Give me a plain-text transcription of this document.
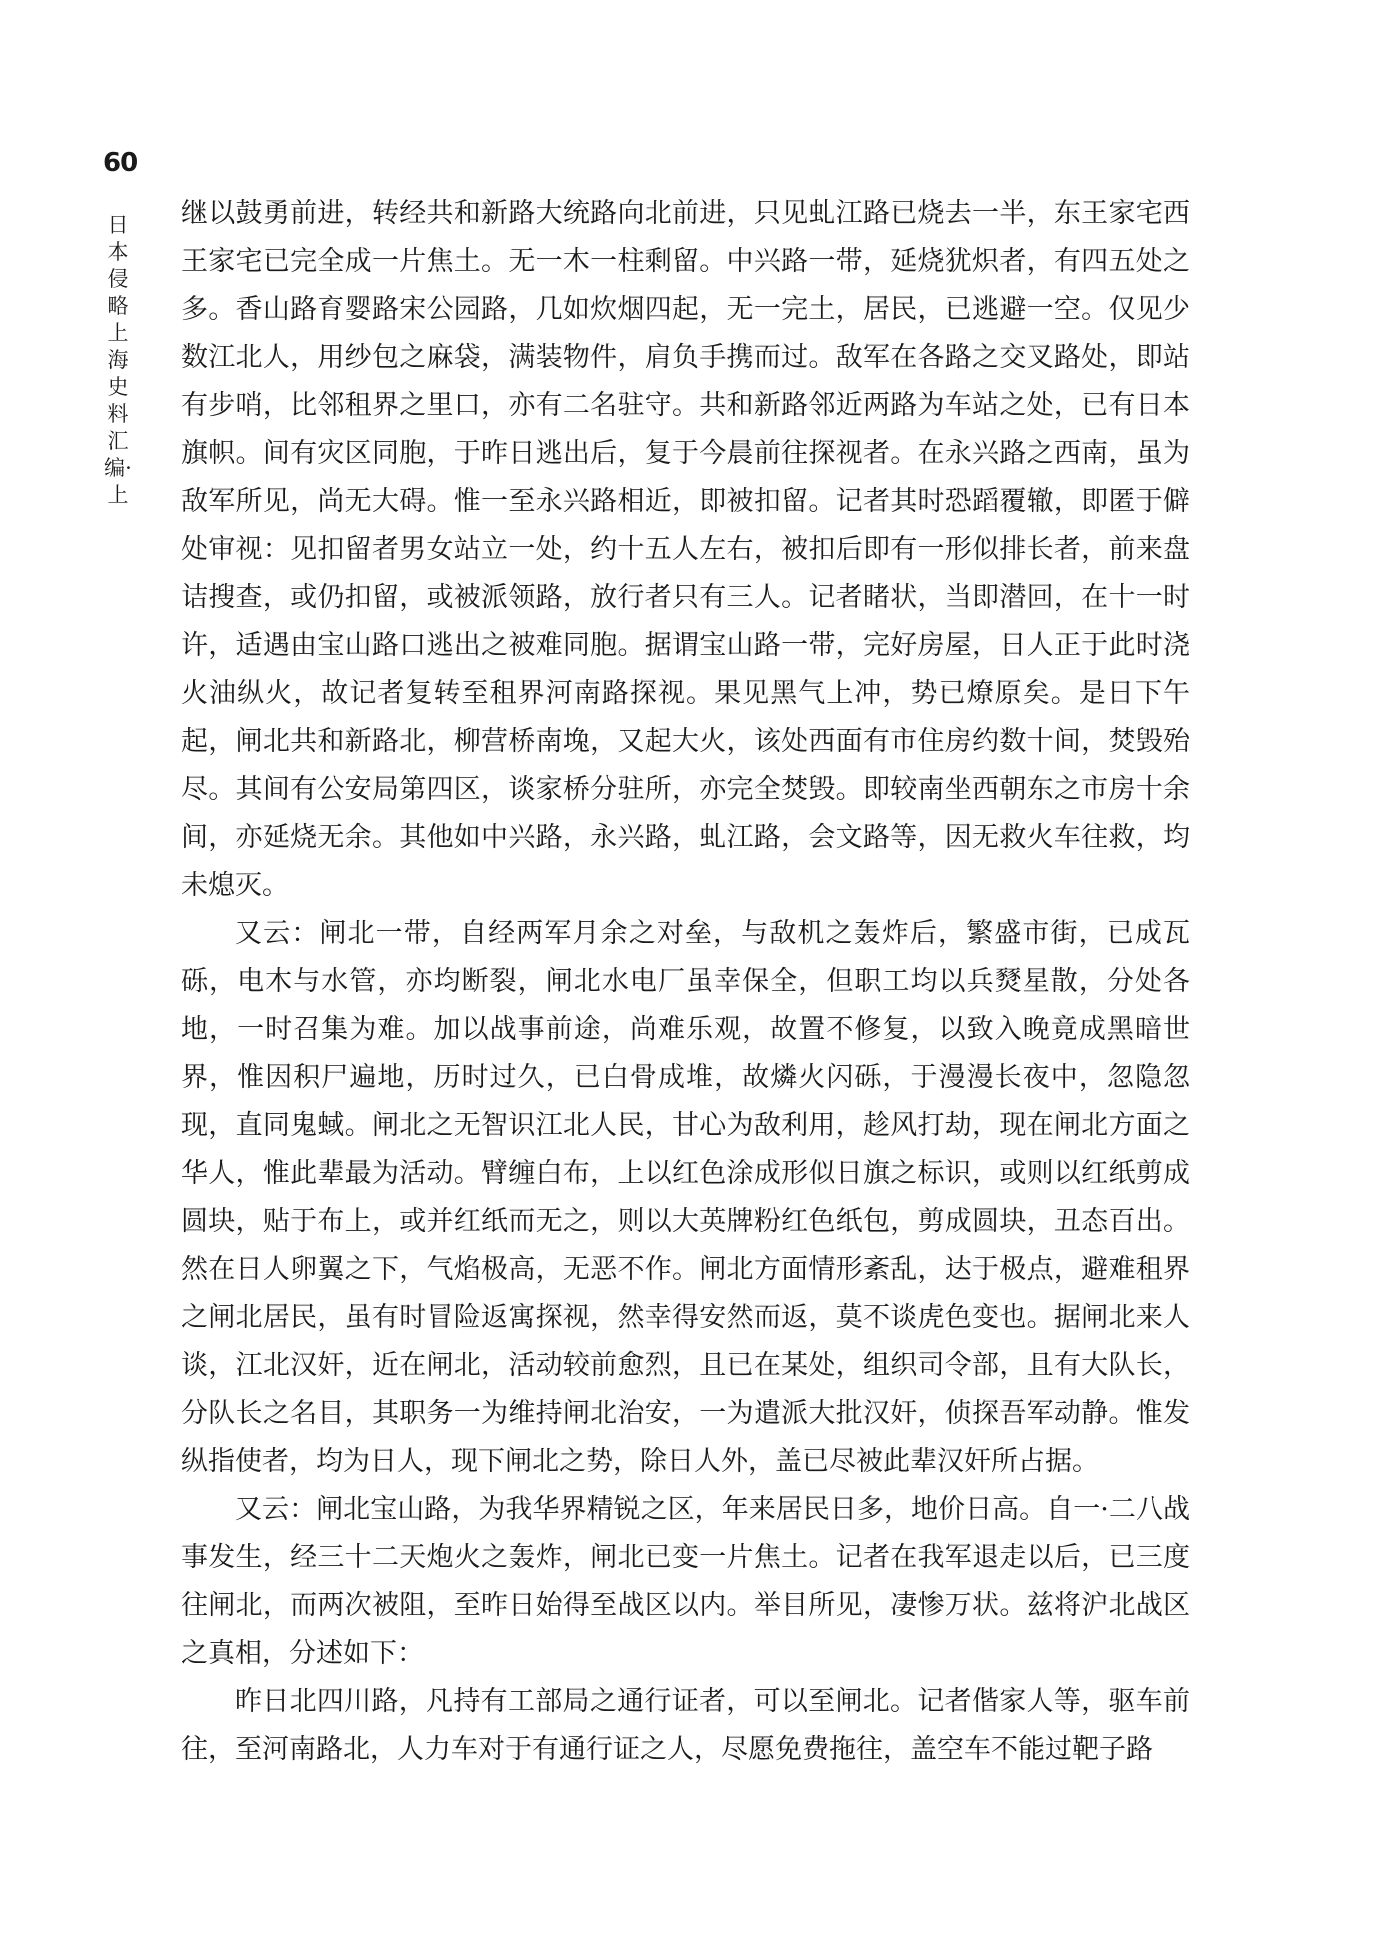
60
日本侵略上海史料汇编·上

继以鼓勇前进，转经共和新路大统路向北前进，只见虬江路已烧去一半，东王家宅西王家宅已完全成一片焦土。无一木一柱剩留。中兴路一带，延烧犹炽者，有四五处之多。香山路育婴路宋公园路，几如炊烟四起，无一完土，居民，已逃避一空。仅见少数江北人，用纱包之麻袋，满装物件，肩负手携而过。敌军在各路之交叉路处，即站有步哨，比邻租界之里口，亦有二名驻守。共和新路邻近两路为车站之处，已有日本旗帜。间有灾区同胞，于昨日逃出后，复于今晨前往探视者。在永兴路之西南，虽为敌军所见，尚无大碍。惟一至永兴路相近，即被扣留。记者其时恐蹈覆辙，即匿于僻处审视：见扣留者男女站立一处，约十五人左右，被扣后即有一形似排长者，前来盘诘搜查，或仍扣留，或被派领路，放行者只有三人。记者睹状，当即潜回，在十一时许，适遇由宝山路口逃出之被难同胞。据谓宝山路一带，完好房屋，日人正于此时浇火油纵火，故记者复转至租界河南路探视。果见黑气上冲，势已燎原矣。是日下午起，闸北共和新路北，柳营桥南堍，又起大火，该处西面有市住房约数十间，焚毁殆尽。其间有公安局第四区，谈家桥分驻所，亦完全焚毁。即较南坐西朝东之市房十余间，亦延烧无余。其他如中兴路，永兴路，虬江路，会文路等，因无救火车往救，均未熄灭。

又云：闸北一带，自经两军月余之对垒，与敌机之轰炸后，繁盛市街，已成瓦砾，电木与水管，亦均断裂，闸北水电厂虽幸保全，但职工均以兵燹星散，分处各地，一时召集为难。加以战事前途，尚难乐观，故置不修复，以致入晚竟成黑暗世界，惟因积尸遍地，历时过久，已白骨成堆，故燐火闪砾，于漫漫长夜中，忽隐忽现，直同鬼蜮。闸北之无智识江北人民，甘心为敌利用，趁风打劫，现在闸北方面之华人，惟此辈最为活动。臂缠白布，上以红色涂成形似日旗之标识，或则以红纸剪成圆块，贴于布上，或并红纸而无之，则以大英牌粉红色纸包，剪成圆块，丑态百出。然在日人卵翼之下，气焰极高，无恶不作。闸北方面情形紊乱，达于极点，避难租界之闸北居民，虽有时冒险返寓探视，然幸得安然而返，莫不谈虎色变也。据闸北来人谈，江北汉奸，近在闸北，活动较前愈烈，且已在某处，组织司令部，且有大队长，分队长之名目，其职务一为维持闸北治安，一为遣派大批汉奸，侦探吾军动静。惟发纵指使者，均为日人，现下闸北之势，除日人外，盖已尽被此辈汉奸所占据。

又云：闸北宝山路，为我华界精锐之区，年来居民日多，地价日高。自一·二八战事发生，经三十二天炮火之轰炸，闸北已变一片焦土。记者在我军退走以后，已三度往闸北，而两次被阻，至昨日始得至战区以内。举目所见，凄惨万状。兹将沪北战区之真相，分述如下：

昨日北四川路，凡持有工部局之通行证者，可以至闸北。记者偕家人等，驱车前往，至河南路北，人力车对于有通行证之人，尽愿免费拖往，盖空车不能过靶子路
